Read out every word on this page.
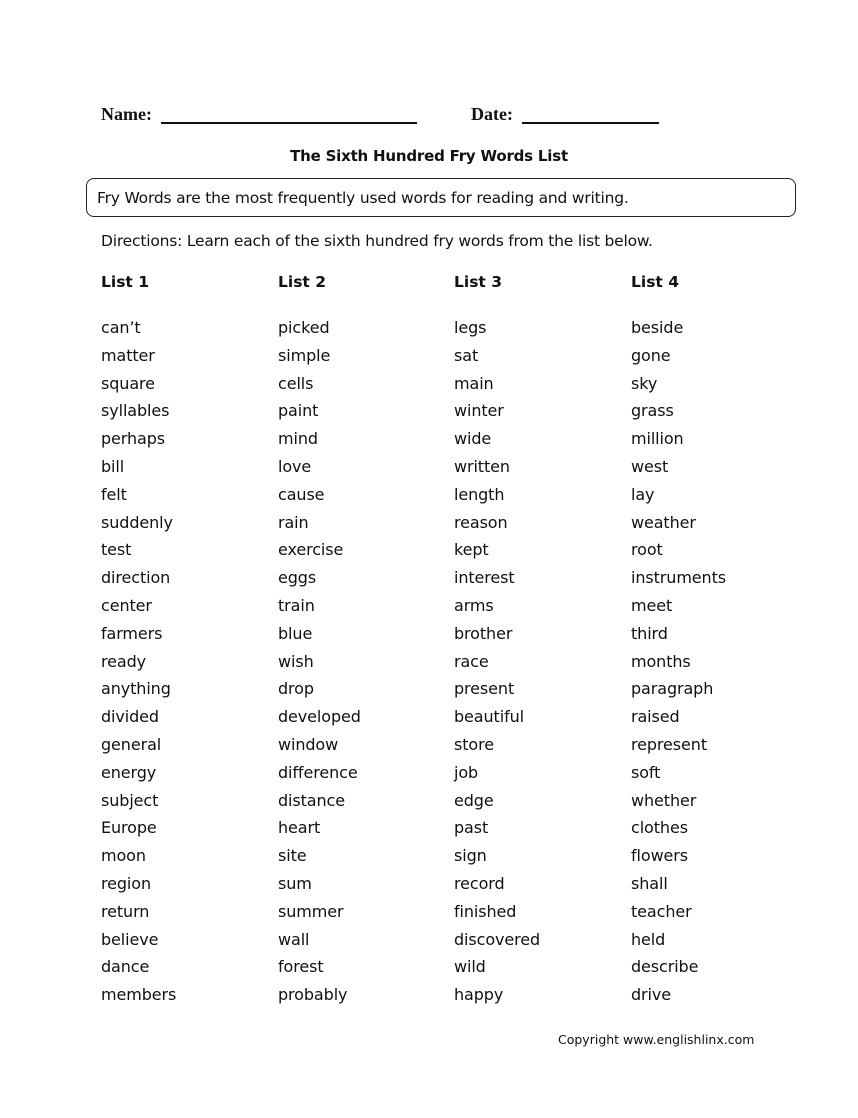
Name:	Date:
The Sixth Hundred Fry Words List
Fry Words are the most frequently used words for reading and writing.
Directions: Learn each of the sixth hundred fry words from the list below.
List 1
can’t
matter
square
syllables
perhaps
bill
felt
suddenly
test
direction
center
farmers
ready
anything
divided
general
energy
subject
Europe
moon
region
return
believe
dance
members
List 2
picked
simple
cells
paint
mind
love
cause
rain
exercise
eggs
train
blue
wish
drop
developed
window
difference
distance
heart
site
sum
summer
wall
forest
probably
List 3
legs
sat
main
winter
wide
written
length
reason
kept
interest
arms
brother
race
present
beautiful
store
job
edge
past
sign
record
finished
discovered
wild
happy
List 4
beside
gone
sky
grass
million
west
lay
weather
root
instruments
meet
third
months
paragraph
raised
represent
soft
whether
clothes
flowers
shall
teacher
held
describe
drive
Copyright www.englishlinx.com
